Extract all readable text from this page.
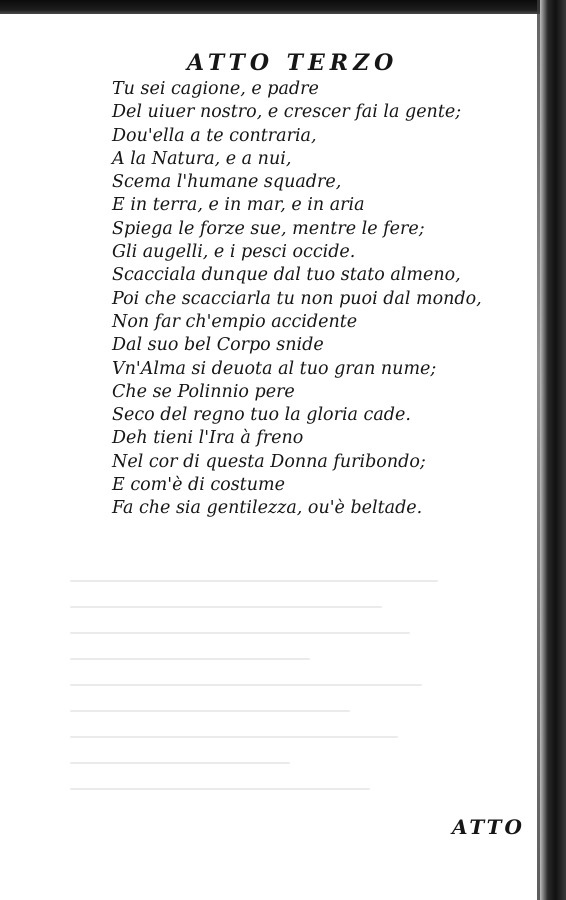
ATTO TERZO
Tu sei cagione, e padre
Del uiuer nostro, e crescer fai la gente;
Dou'ella a te contraria,
A la Natura, e a nui,
Scema l'humane squadre,
E in terra, e in mar, e in aria
Spiega le forze sue, mentre le fere;
Gli augelli, e i pesci occide.
Scacciala dunque dal tuo stato almeno,
Poi che scacciarla tu non puoi dal mondo,
Non far ch'empio accidente
Dal suo bel Corpo snide
Vn'Alma si deuota al tuo gran nume;
Che se Polinnio pere
Seco del regno tuo la gloria cade.
Deh tieni l'Ira à freno
Nel cor di questa Donna furibondo;
E com'è di costume
Fa che sia gentilezza, ou'è beltade.
ATTO
